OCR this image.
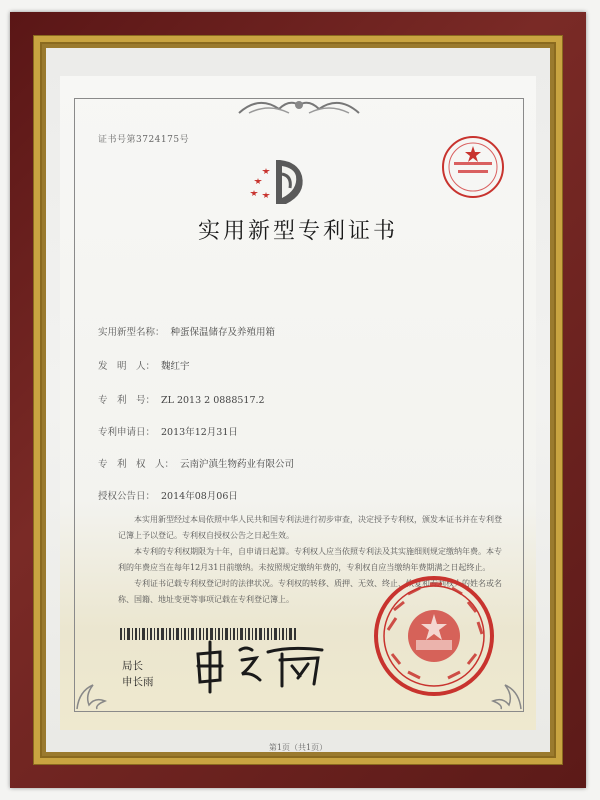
证书号第3724175号
实用新型专利证书
实用新型名称： 种蛋保温储存及养殖用箱
发　明　人： 魏红宇
专　利　号： ZL 2013 2 0888517.2
专利申请日： 2013年12月31日
专　利　权　人： 云南沪滇生物药业有限公司
授权公告日： 2014年08月06日

本实用新型经过本局依照中华人民共和国专利法进行初步审查，决定授予专利权，颁发本证书并在专利登记簿上予以登记。专利权自授权公告之日起生效。

本专利的专利权期限为十年，自申请日起算。专利权人应当依照专利法及其实施细则规定缴纳年费。本专利的年费应当在每年12月31日前缴纳。未按照规定缴纳年费的，专利权自应当缴纳年费期满之日起终止。

专利证书记载专利权登记时的法律状况。专利权的转移、质押、无效、终止、恢复和专利权人的姓名或名称、国籍、地址变更等事项记载在专利登记簿上。

局长
申长雨
第1页（共1页）
